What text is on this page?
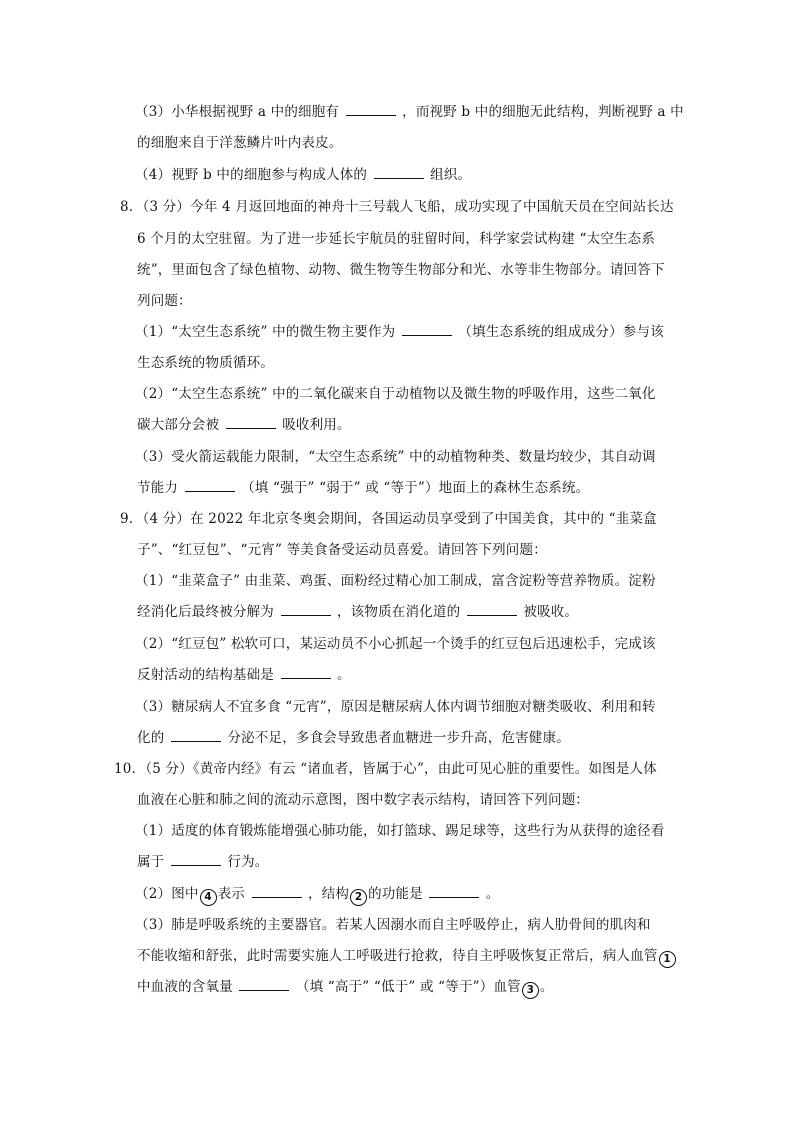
（3）小华根据视野 a 中的细胞有	，而视野 b 中的细胞无此结构，判断视野 a 中
的细胞来自于洋葱鳞片叶内表皮。
（4）视野 b 中的细胞参与构成人体的	组织。
8．（3 分）今年 4 月返回地面的神舟十三号载人飞船，成功实现了中国航天员在空间站长达
6 个月的太空驻留。为了进一步延长宇航员的驻留时间，科学家尝试构建 “太空生态系
统”，里面包含了绿色植物、动物、微生物等生物部分和光、水等非生物部分。请回答下
列问题：
（1）“太空生态系统” 中的微生物主要作为	（填生态系统的组成成分）参与该
生态系统的物质循环。
（2）“太空生态系统” 中的二氧化碳来自于动植物以及微生物的呼吸作用，这些二氧化
碳大部分会被	吸收利用。
（3）受火箭运载能力限制，“太空生态系统” 中的动植物种类、数量均较少，其自动调
节能力	（填 “强于” “弱于” 或 “等于”）地面上的森林生态系统。
9．（4 分）在 2022 年北京冬奥会期间，各国运动员享受到了中国美食，其中的 “韭菜盒
子”、“红豆包”、“元宵” 等美食备受运动员喜爱。请回答下列问题：
（1）“韭菜盒子” 由韭菜、鸡蛋、面粉经过精心加工制成，富含淀粉等营养物质。淀粉
经消化后最终被分解为	，该物质在消化道的	被吸收。
（2）“红豆包” 松软可口，某运动员不小心抓起一个烫手的红豆包后迅速松手，完成该
反射活动的结构基础是	。
（3）糖尿病人不宜多食 “元宵”，原因是糖尿病人体内调节细胞对糖类吸收、利用和转
化的	分泌不足，多食会导致患者血糖进一步升高，危害健康。
10．（5 分）《黄帝内经》有云 “诸血者，皆属于心”，由此可见心脏的重要性。如图是人体
血液在心脏和肺之间的流动示意图，图中数字表示结构，请回答下列问题：
（1）适度的体育锻炼能增强心肺功能，如打篮球、踢足球等，这些行为从获得的途径看
属于	行为。
（2）图中 4 表示	，结构 2 的功能是	。
（3）肺是呼吸系统的主要器官。若某人因溺水而自主呼吸停止，病人肋骨间的肌肉和
不能收缩和舒张，此时需要实施人工呼吸进行抢救，待自主呼吸恢复正常后，病人血管 1
中血液的含氧量	（填 “高于” “低于” 或 “等于”）血管 3 。
